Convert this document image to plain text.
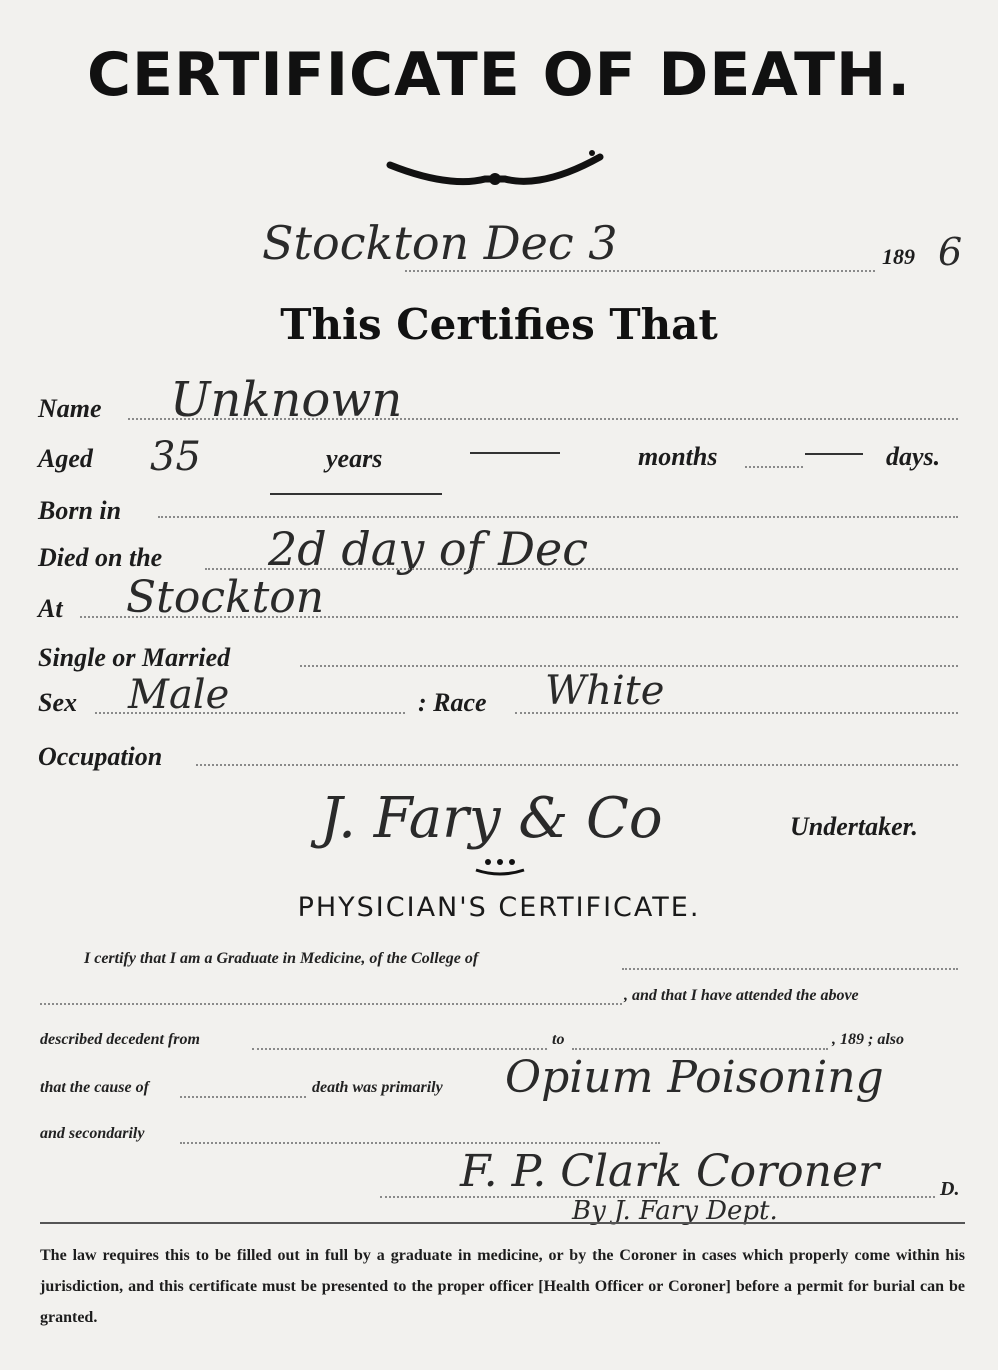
CERTIFICATE OF DEATH.
Stockton Dec 3	189 6
This Certifies That
Name Unknown
Aged 35	years	months	days.
Born in
Died on the 2d day of Dec
At Stockton
Single or Married
Sex Male	: Race White
Occupation
J. Fary & Co	Undertaker.
PHYSICIAN'S CERTIFICATE.
I certify that I am a Graduate in Medicine, of the College of
, and that I have attended the above
described decedent from	to	, 189 ; also
that the cause of	death was primarily Opium Poisoning
and secondarily
F. P. Clark Coroner	D.
By J. Fary Dept.
The law requires this to be filled out in full by a graduate in medicine, or by the Coroner in cases which properly come within his jurisdiction, and this certificate must be presented to the proper officer [Health Officer or Coroner] before a permit for burial can be granted.
